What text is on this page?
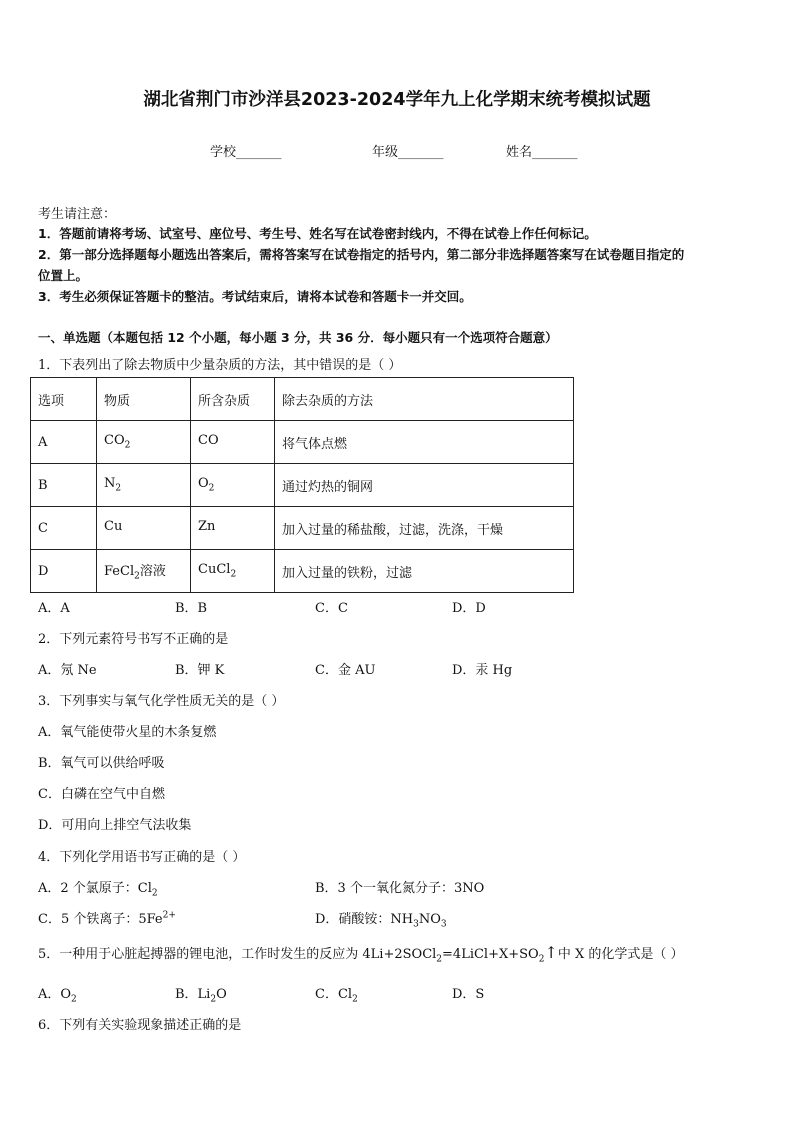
湖北省荆门市沙洋县2023-2024学年九上化学期末统考模拟试题
学校_______	年级_______	姓名_______
考生请注意：
1．答题前请将考场、试室号、座位号、考生号、姓名写在试卷密封线内，不得在试卷上作任何标记。
2．第一部分选择题每小题选出答案后，需将答案写在试卷指定的括号内，第二部分非选择题答案写在试卷题目指定的
位置上。
3．考生必须保证答题卡的整洁。考试结束后，请将本试卷和答题卡一并交回。
一、单选题（本题包括 12 个小题，每小题 3 分，共 36 分．每小题只有一个选项符合题意）
1．下表列出了除去物质中少量杂质的方法，其中错误的是（ ）
选项	物质	所含杂质	除去杂质的方法
A	$CO_2$	CO	将气体点燃
B	$N_2$	$O_2$	通过灼热的铜网
C	Cu	Zn	加入过量的稀盐酸，过滤，洗涤，干燥
D	FeCl$_2$溶液	CuCl$_2$	加入过量的铁粉，过滤
A．A	B．B	C．C	D．D
2．下列元素符号书写不正确的是
A．氖 Ne	B．钾 K	C．金 AU	D．汞 Hg
3．下列事实与氧气化学性质无关的是（ ）
A．氧气能使带火星的木条复燃
B．氧气可以供给呼吸
C．白磷在空气中自燃
D．可用向上排空气法收集
4．下列化学用语书写正确的是（ ）
A．2 个氯原子：$Cl_2$	B．3 个一氧化氮分子：3NO
C．5 个铁离子：$5Fe^{2+}$	D．硝酸铵：$NH_3NO_3$
5．一种用于心脏起搏器的锂电池，工作时发生的反应为 $4Li+2SOCl_2=4LiCl+X+SO_2↑$中 X 的化学式是（ ）
A．$O_2$	B．$Li_2O$	C．$Cl_2$	D．S
6．下列有关实验现象描述正确的是
